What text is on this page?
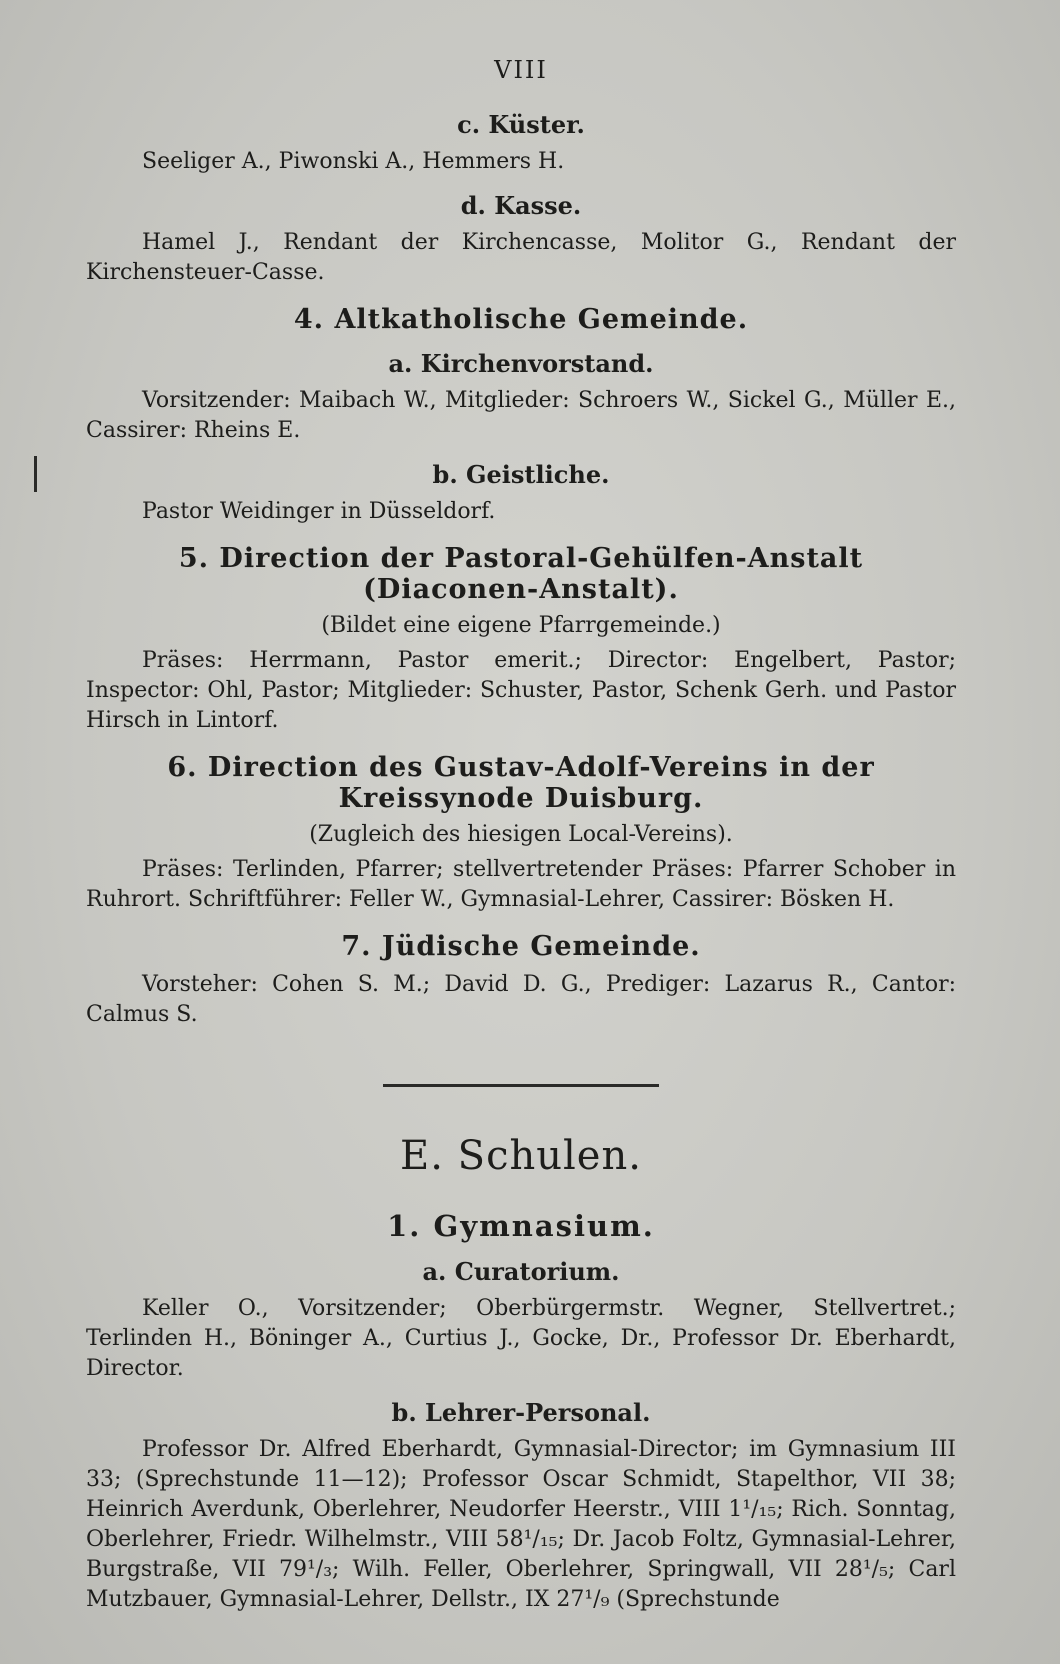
VIII
c. Küster.
Seeliger A., Piwonski A., Hemmers H.
d. Kasse.
Hamel J., Rendant der Kirchencasse, Molitor G., Rendant der Kirchensteuer-Casse.
4. Altkatholische Gemeinde.
a. Kirchenvorstand.
Vorsitzender: Maibach W., Mitglieder: Schroers W., Sickel G., Müller E., Cassirer: Rheins E.
b. Geistliche.
Pastor Weidinger in Düsseldorf.
5. Direction der Pastoral-Gehülfen-Anstalt (Diaconen-Anstalt).
(Bildet eine eigene Pfarrgemeinde.)
Präses: Herrmann, Pastor emerit.; Director: Engelbert, Pastor; Inspector: Ohl, Pastor; Mitglieder: Schuster, Pastor, Schenk Gerh. und Pastor Hirsch in Lintorf.
6. Direction des Gustav-Adolf-Vereins in der Kreissynode Duisburg.
(Zugleich des hiesigen Local-Vereins).
Präses: Terlinden, Pfarrer; stellvertretender Präses: Pfarrer Schober in Ruhrort. Schriftführer: Feller W., Gymnasial-Lehrer, Cassirer: Bösken H.
7. Jüdische Gemeinde.
Vorsteher: Cohen S. M.; David D. G., Prediger: Lazarus R., Cantor: Calmus S.
E. Schulen.
1. Gymnasium.
a. Curatorium.
Keller O., Vorsitzender; Oberbürgermstr. Wegner, Stellvertret.; Terlinden H., Böninger A., Curtius J., Gocke, Dr., Professor Dr. Eberhardt, Director.
b. Lehrer-Personal.
Professor Dr. Alfred Eberhardt, Gymnasial-Director; im Gymnasium III 33; (Sprechstunde 11—12); Professor Oscar Schmidt, Stapelthor, VII 38; Heinrich Averdunk, Oberlehrer, Neudorfer Heerstr., VIII 1¹/₁₅; Rich. Sonntag, Oberlehrer, Friedr. Wilhelmstr., VIII 58¹/₁₅; Dr. Jacob Foltz, Gymnasial-Lehrer, Burgstraße, VII 79¹/₃; Wilh. Feller, Oberlehrer, Springwall, VII 28¹/₅; Carl Mutzbauer, Gymnasial-Lehrer, Dellstr., IX 27¹/₉ (Sprechstunde
